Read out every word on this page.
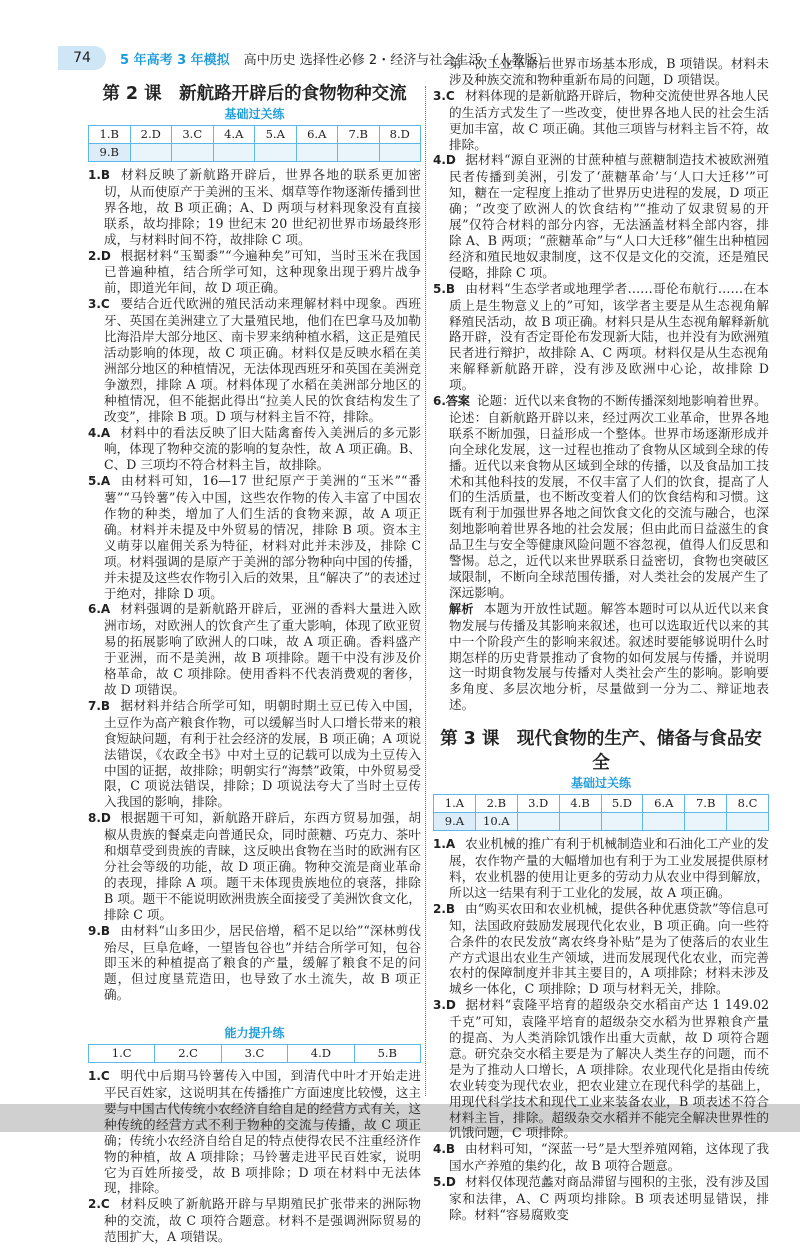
74	5 年高考 3 年模拟 高中历史 选择性必修 2・经济与社会生活 （人教版）
第 2 课　新航路开辟后的食物物种交流
基础过关练
1.B	2.D	3.C	4.A	5.A	6.A	7.B	8.D
9.B							

1.B 材料反映了新航路开辟后，世界各地的联系更加密切，从而使原产于美洲的玉米、烟草等作物逐渐传播到世界各地，故 B 项正确；A、D 两项与材料现象没有直接联系，故均排除；19 世纪末 20 世纪初世界市场最终形成，与材料时间不符，故排除 C 项。

2.D 根据材料“玉蜀黍”“今遍种矣”可知，当时玉米在我国已普遍种植，结合所学可知，这种现象出现于鸦片战争前，即道光年间，故 D 项正确。

3.C 要结合近代欧洲的殖民活动来理解材料中现象。西班牙、英国在美洲建立了大量殖民地，他们在巴拿马及加勒比海沿岸大部分地区、南卡罗来纳种植水稻，这正是殖民活动影响的体现，故 C 项正确。材料仅是反映水稻在美洲部分地区的种植情况，无法体现西班牙和英国在美洲竞争激烈，排除 A 项。材料体现了水稻在美洲部分地区的种植情况，但不能据此得出“拉美人民的饮食结构发生了改变”，排除 B 项。D 项与材料主旨不符，排除。

4.A 材料中的看法反映了旧大陆禽畜传入美洲后的多元影响，体现了物种交流的影响的复杂性，故 A 项正确。B、C、D 三项均不符合材料主旨，故排除。

5.A 由材料可知，16—17 世纪原产于美洲的“玉米”“番薯”“马铃薯”传入中国，这些农作物的传入丰富了中国农作物的种类，增加了人们生活的食物来源，故 A 项正确。材料并未提及中外贸易的情况，排除 B 项。资本主义萌芽以雇佣关系为特征，材料对此并未涉及，排除 C 项。材料强调的是原产于美洲的部分物种向中国的传播，并未提及这些农作物引入后的效果，且“解决了”的表述过于绝对，排除 D 项。

6.A 材料强调的是新航路开辟后，亚洲的香料大量进入欧洲市场，对欧洲人的饮食产生了重大影响，体现了欧亚贸易的拓展影响了欧洲人的口味，故 A 项正确。香料盛产于亚洲，而不是美洲，故 B 项排除。题干中没有涉及价格革命，故 C 项排除。使用香料不代表消费观的奢侈，故 D 项错误。

7.B 据材料并结合所学可知，明朝时期土豆已传入中国，土豆作为高产粮食作物，可以缓解当时人口增长带来的粮食短缺问题，有利于社会经济的发展，B 项正确；A 项说法错误，《农政全书》中对土豆的记载可以成为土豆传入中国的证据，故排除；明朝实行“海禁”政策，中外贸易受限，C 项说法错误，排除；D 项说法夸大了当时土豆传入我国的影响，排除。

8.D 根据题干可知，新航路开辟后，东西方贸易加强，胡椒从贵族的餐桌走向普通民众，同时蔗糖、巧克力、茶叶和烟草受到贵族的青睐，这反映出食物在当时的欧洲有区分社会等级的功能，故 D 项正确。物种交流是商业革命的表现，排除 A 项。题干未体现贵族地位的衰落，排除 B 项。题干不能说明欧洲贵族全面接受了美洲饮食文化，排除 C 项。

9.B 由材料“山多田少，居民倍增，稻不足以给”“深林剪伐殆尽，巨阜危峰，一望皆包谷也”并结合所学可知，包谷即玉米的种植提高了粮食的产量，缓解了粮食不足的问题，但过度垦荒造田，也导致了水土流失，故 B 项正确。

能力提升练
1.C	2.C	3.C	4.D	5.B

1.C 明代中后期马铃薯传入中国，到清代中叶才开始走进平民百姓家，这说明其在传播推广方面速度比较慢，这主要与中国古代传统小农经济自给自足的经营方式有关，这种传统的经营方式不利于物种的交流与传播，故 C 项正确；传统小农经济自给自足的特点使得农民不注重经济作物的种植，故 A 项排除；马铃薯走进平民百姓家，说明它为百姓所接受，故 B 项排除；D 项在材料中无法体现，排除。

2.C 材料反映了新航路开辟与早期殖民扩张带来的洲际物种的交流，故 C 项符合题意。材料不是强调洲际贸易的范围扩大，A 项错误。

第一次工业革命后世界市场基本形成，B 项错误。材料未涉及种族交流和物种重新布局的问题，D 项错误。

3.C 材料体现的是新航路开辟后，物种交流使世界各地人民的生活方式发生了一些改变，使世界各地人民的社会生活更加丰富，故 C 项正确。其他三项皆与材料主旨不符，故排除。

4.D 据材料“源自亚洲的甘蔗种植与蔗糖制造技术被欧洲殖民者传播到美洲，引发了‘蔗糖革命’与‘人口大迁移’”可知，糖在一定程度上推动了世界历史进程的发展，D 项正确；“改变了欧洲人的饮食结构”“推动了奴隶贸易的开展”仅符合材料的部分内容，无法涵盖材料全部内容，排除 A、B 两项；“蔗糖革命”与“人口大迁移”催生出种植园经济和殖民地奴隶制度，这不仅是文化的交流，还是殖民侵略，排除 C 项。

5.B 由材料“生态学者或地理学者……哥伦布航行……在本质上是生物意义上的”可知，该学者主要是从生态视角解释殖民活动，故 B 项正确。材料只是从生态视角解释新航路开辟，没有否定哥伦布发现新大陆，也并没有为欧洲殖民者进行辩护，故排除 A、C 两项。材料仅是从生态视角来解释新航路开辟，没有涉及欧洲中心论，故排除 D 项。

6.答案 论题：近代以来食物的不断传播深刻地影响着世界。

论述：自新航路开辟以来，经过两次工业革命，世界各地联系不断加强，日益形成一个整体。世界市场逐渐形成并向全球化发展，这一过程也推动了食物从区域到全球的传播。近代以来食物从区域到全球的传播，以及食品加工技术和其他科技的发展，不仅丰富了人们的饮食，提高了人们的生活质量，也不断改变着人们的饮食结构和习惯。这既有利于加强世界各地之间饮食文化的交流与融合，也深刻地影响着世界各地的社会发展；但由此而日益滋生的食品卫生与安全等健康风险问题不容忽视，值得人们反思和警惕。总之，近代以来世界联系日益密切，食物也突破区域限制，不断向全球范围传播，对人类社会的发展产生了深远影响。

解析 本题为开放性试题。解答本题时可以从近代以来食物发展与传播及其影响来叙述，也可以选取近代以来的其中一个阶段产生的影响来叙述。叙述时要能够说明什么时期怎样的历史背景推动了食物的如何发展与传播，并说明这一时期食物发展与传播对人类社会产生的影响。影响要多角度、多层次地分析，尽量做到一分为二、辩证地表述。

第 3 课　现代食物的生产、储备与食品安全
基础过关练
1.A	2.B	3.D	4.B	5.D	6.A	7.B	8.C
9.A	10.A						

1.A 农业机械的推广有利于机械制造业和石油化工产业的发展，农作物产量的大幅增加也有利于为工业发展提供原材料，农业机器的使用让更多的劳动力从农业中得到解放，所以这一结果有利于工业化的发展，故 A 项正确。

2.B 由“购买农田和农业机械，提供各种优惠贷款”等信息可知，法国政府鼓励发展现代化农业，B 项正确。向一些符合条件的农民发放“离农终身补贴”是为了使落后的农业生产方式退出农业生产领域，进而发展现代化农业，而完善农村的保障制度并非其主要目的，A 项排除；材料未涉及城乡一体化，C 项排除；D 项与材料无关，排除。

3.D 据材料“袁隆平培育的超级杂交水稻亩产达 1 149.02 千克”可知，袁隆平培育的超级杂交水稻为世界粮食产量的提高、为人类消除饥饿作出重大贡献，故 D 项符合题意。研究杂交水稻主要是为了解决人类生存的问题，而不是为了推动人口增长，A 项排除。农业现代化是指由传统农业转变为现代农业，把农业建立在现代科学的基础上，用现代科学技术和现代工业来装备农业，B 项表述不符合材料主旨，排除。超级杂交水稻并不能完全解决世界性的饥饿问题，C 项排除。

4.B 由材料可知，“深蓝一号”是大型养殖网箱，这体现了我国水产养殖的集约化，故 B 项符合题意。

5.D 材料仅体现范蠡对商品滞留与囤积的主张，没有涉及国家和法律，A、C 两项均排除。B 项表述明显错误，排除。材料“容易腐败变
